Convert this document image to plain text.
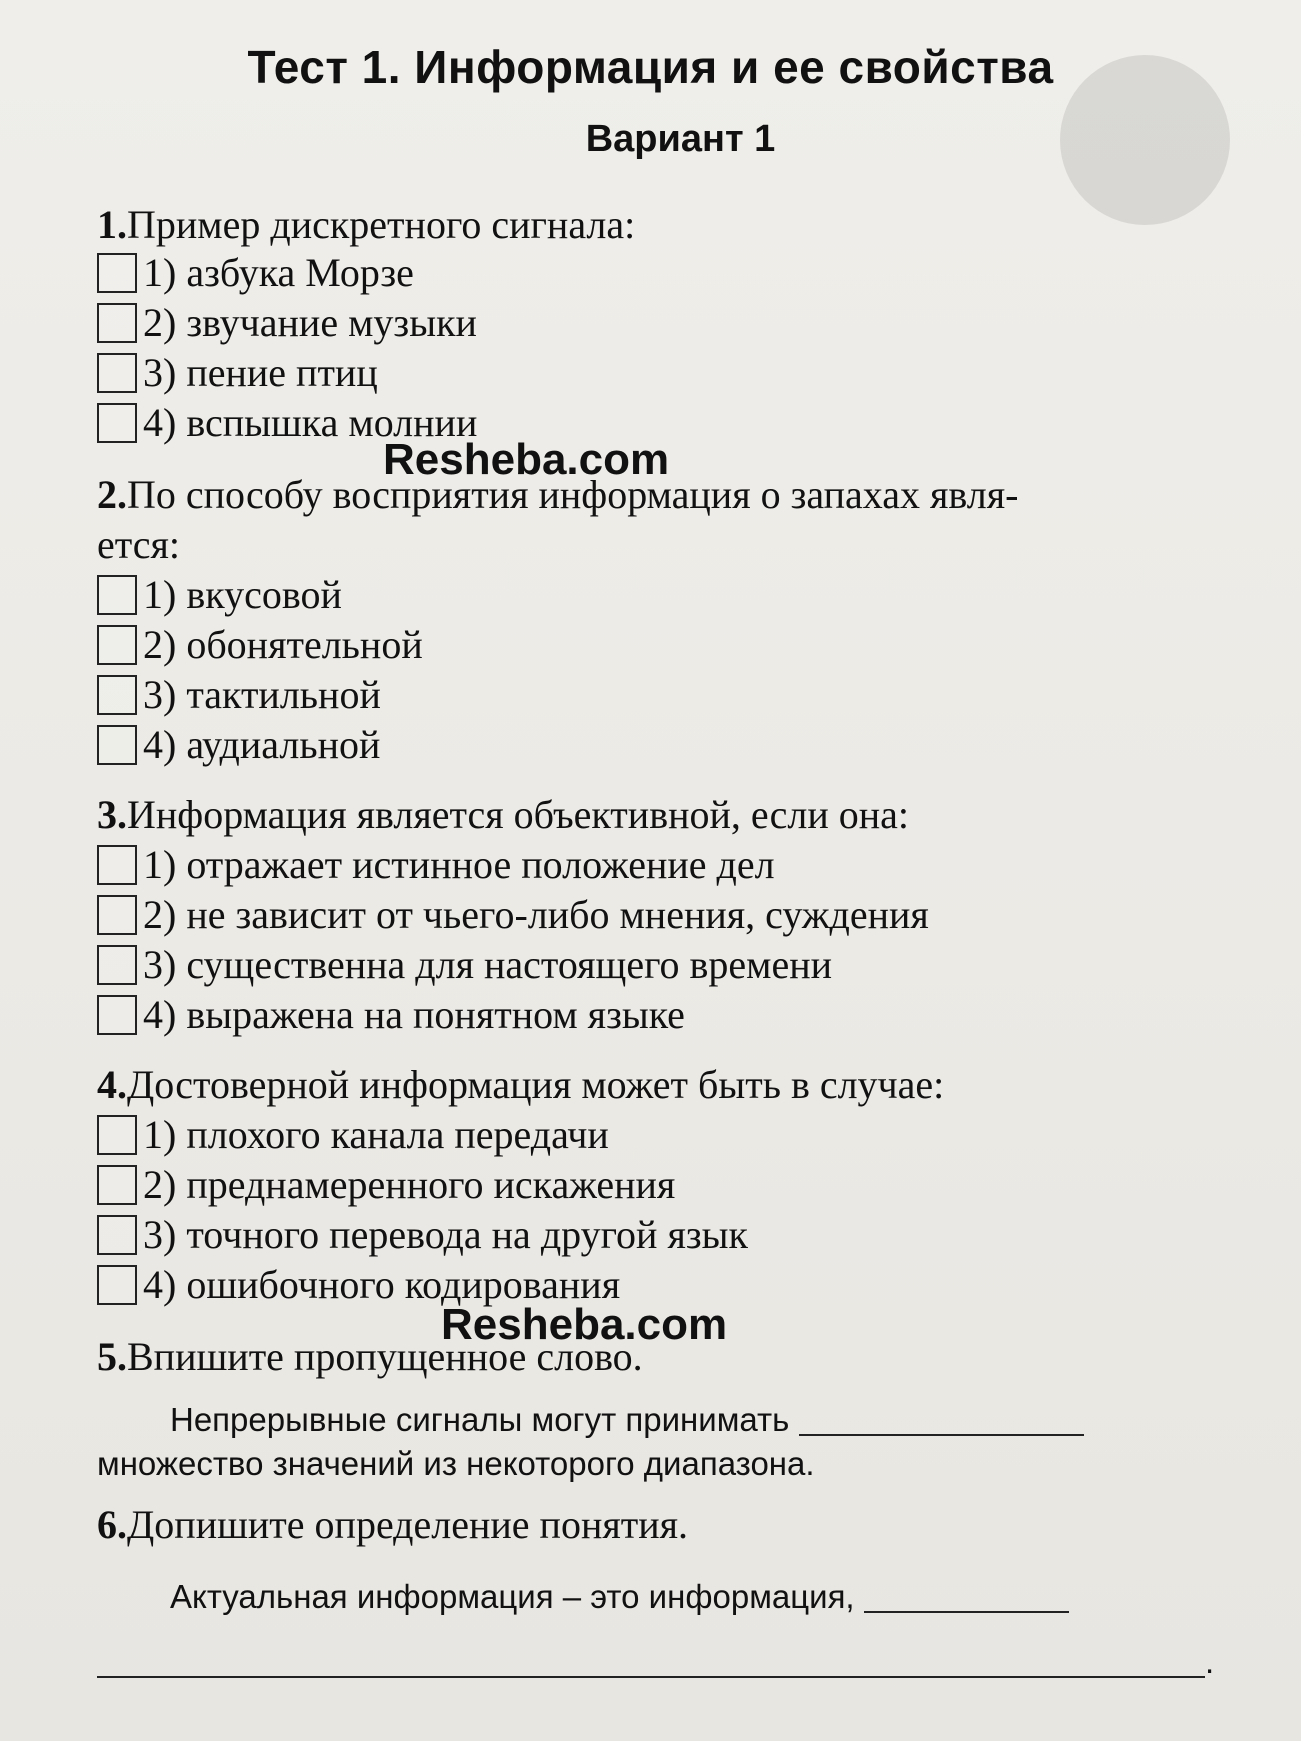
Тест 1. Информация и ее свойства
Вариант 1
1.Пример дискретного сигнала:
1) азбука Морзе
2) звучание музыки
3) пение птиц
4) вспышка молнии
Resheba.com
2.По способу восприятия информация о запахах явля-
ется:
1) вкусовой
2) обонятельной
3) тактильной
4) аудиальной
3.Информация является объективной, если она:
1) отражает истинное положение дел
2) не зависит от чьего-либо мнения, суждения
3) существенна для настоящего времени
4) выражена на понятном языке
4.Достоверной информация может быть в случае:
1) плохого канала передачи
2) преднамеренного искажения
3) точного перевода на другой язык
4) ошибочного кодирования
Resheba.com
5.Впишите пропущенное слово.
Непрерывные сигналы могут принимать
множество значений из некоторого диапазона.
6.Допишите определение понятия.
Актуальная информация – это информация,
.
